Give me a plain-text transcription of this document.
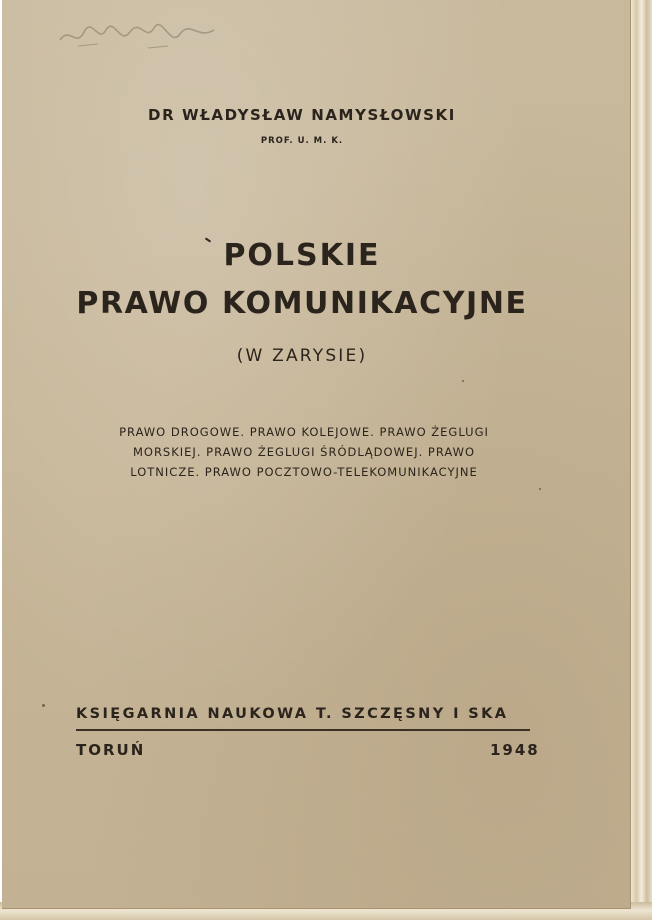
DR WŁADYSŁAW NAMYSŁOWSKI
PROF. U. M. K.
POLSKIE
PRAWO KOMUNIKACYJNE
(W ZARYSIE)
PRAWO DROGOWE. PRAWO KOLEJOWE. PRAWO ŻEGLUGI
MORSKIEJ. PRAWO ŻEGLUGI ŚRÓDLĄDOWEJ. PRAWO
LOTNICZE. PRAWO POCZTOWO-TELEKOMUNIKACYJNE
KSIĘGARNIA NAUKOWA T. SZCZĘSNY I SKA
TORUŃ	1948
